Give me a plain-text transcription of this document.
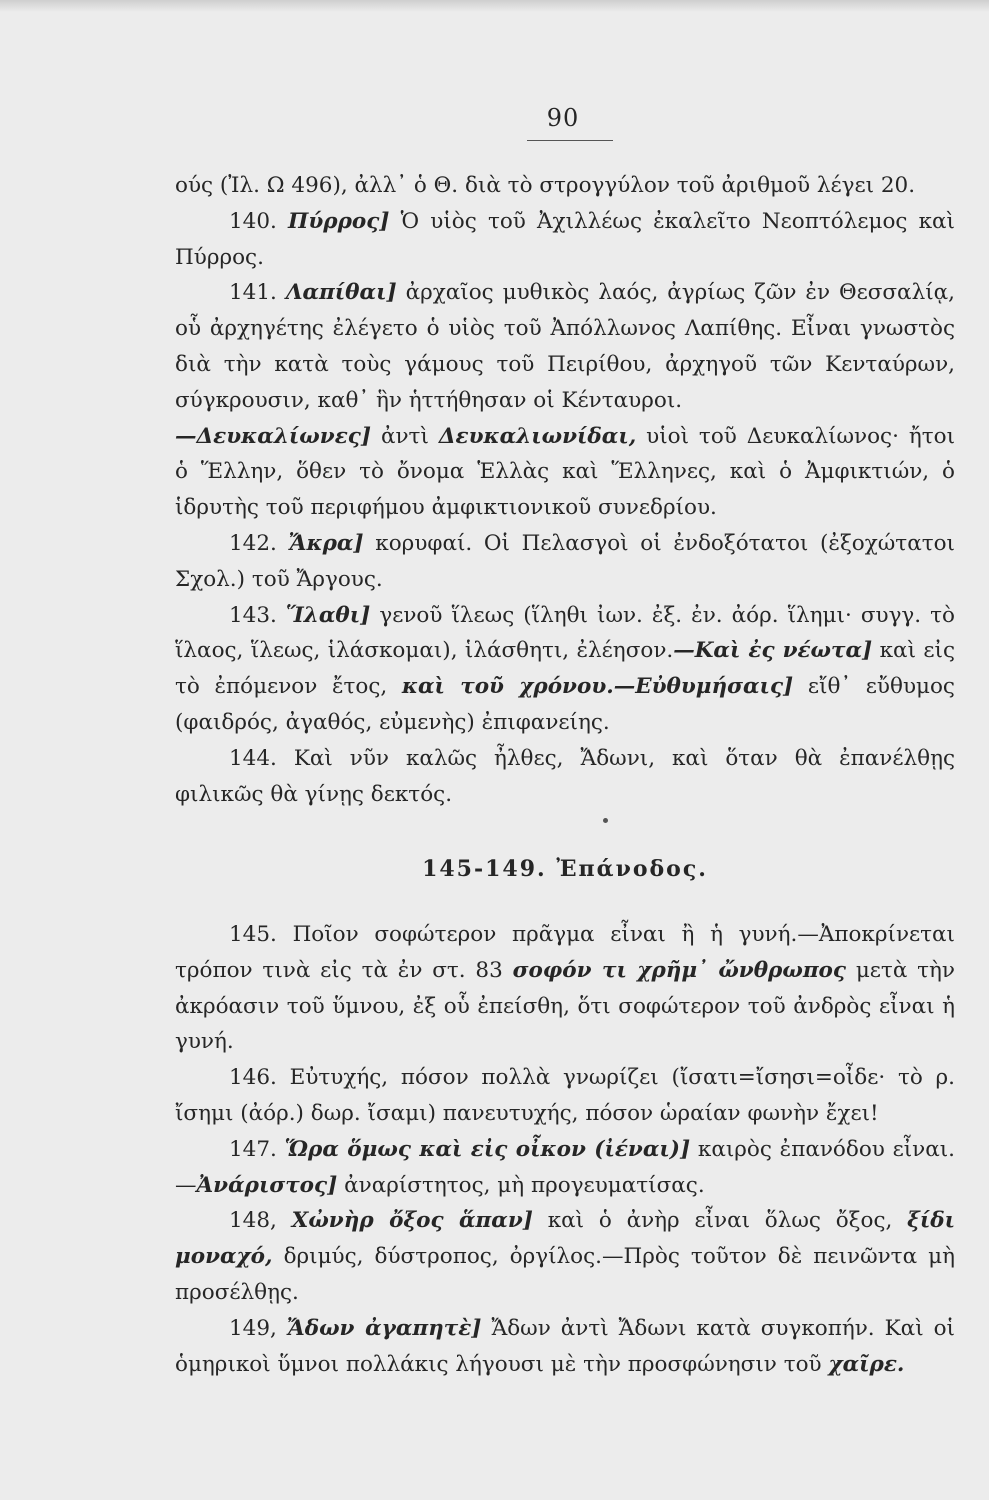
90

ούς (Ἰλ. Ω 496), ἀλλ᾽ ὁ Θ. διὰ τὸ στρογγύλον τοῦ ἀριθμοῦ λέγει 20.

140. Πύρρος] Ὁ υἱὸς τοῦ Ἀχιλλέως ἐκαλεῖτο Νεοπτόλεμος καὶ Πύρρος.

141. Λαπίθαι] ἀρχαῖος μυθικὸς λαός, ἀγρίως ζῶν ἐν Θεσσαλίᾳ, οὗ ἀρχηγέτης ἐλέγετο ὁ υἱὸς τοῦ Ἀπόλλωνος Λαπίθης. Εἶναι γνωστὸς διὰ τὴν κατὰ τοὺς γάμους τοῦ Πειρίθου, ἀρχηγοῦ τῶν Κενταύρων, σύγκρουσιν, καθ᾽ ἣν ἡττήθησαν οἱ Κένταυροι.

—Δευκαλίωνες] ἀντὶ Δευκαλιωνίδαι, υἱοὶ τοῦ Δευκαλίωνος· ἤτοι ὁ Ἕλλην, ὅθεν τὸ ὄνομα Ἑλλὰς καὶ Ἕλληνες, καὶ ὁ Ἀμφικτιών, ὁ ἱδρυτὴς τοῦ περιφήμου ἀμφικτιονικοῦ συνεδρίου.

142. Ἄκρα] κορυφαί. Οἱ Πελασγοὶ οἱ ἐνδοξότατοι (ἐξοχώτατοι Σχολ.) τοῦ Ἄργους.

143. Ἵλαθι] γενοῦ ἵλεως (ἵληθι ἰων. ἐξ. ἐν. ἀόρ. ἵλημι· συγγ. τὸ ἵλαος, ἵλεως, ἱλάσκομαι), ἱλάσθητι, ἐλέησον.—Καὶ ἐς νέωτα] καὶ εἰς τὸ ἐπόμενον ἔτος, καὶ τοῦ χρόνου.—Εὐθυμήσαις] εἴθ᾽ εὔθυμος (φαιδρός, ἀγαθός, εὐμενὴς) ἐπιφανείης.

144. Καὶ νῦν καλῶς ἦλθες, Ἄδωνι, καὶ ὅταν θὰ ἐπανέλθῃς φιλικῶς θὰ γίνῃς δεκτός.

145-149. Ἐπάνοδος.

145. Ποῖον σοφώτερον πρᾶγμα εἶναι ἢ ἡ γυνή.—Ἀποκρίνεται τρόπον τινὰ εἰς τὰ ἐν στ. 83 σοφόν τι χρῆμ᾽ ὤνθρωπος μετὰ τὴν ἀκρόασιν τοῦ ὕμνου, ἐξ οὗ ἐπείσθη, ὅτι σοφώτερον τοῦ ἀνδρὸς εἶναι ἡ γυνή.

146. Εὐτυχής, πόσον πολλὰ γνωρίζει (ἴσατι=ἴσησι=οἶδε· τὸ ρ. ἴσημι (ἀόρ.) δωρ. ἴσαμι) πανευτυχής, πόσον ὡραίαν φωνὴν ἔχει!

147. Ὥρα ὅμως καὶ εἰς οἶκον (ἰέναι)] καιρὸς ἐπανόδου εἶναι.—Ἀνάριστος] ἀναρίστητος, μὴ προγευματίσας.

148, Χὠνὴρ ὄξος ἅπαν] καὶ ὁ ἀνὴρ εἶναι ὅλως ὄξος, ξίδι μοναχό, δριμύς, δύστροπος, ὀργίλος.—Πρὸς τοῦτον δὲ πεινῶντα μὴ προσέλθῃς.

149, Ἄδων ἀγαπητὲ] Ἄδων ἀντὶ Ἄδωνι κατὰ συγκοπήν. Καὶ οἱ ὁμηρικοὶ ὕμνοι πολλάκις λήγουσι μὲ τὴν προσφώνησιν τοῦ χαῖρε.
